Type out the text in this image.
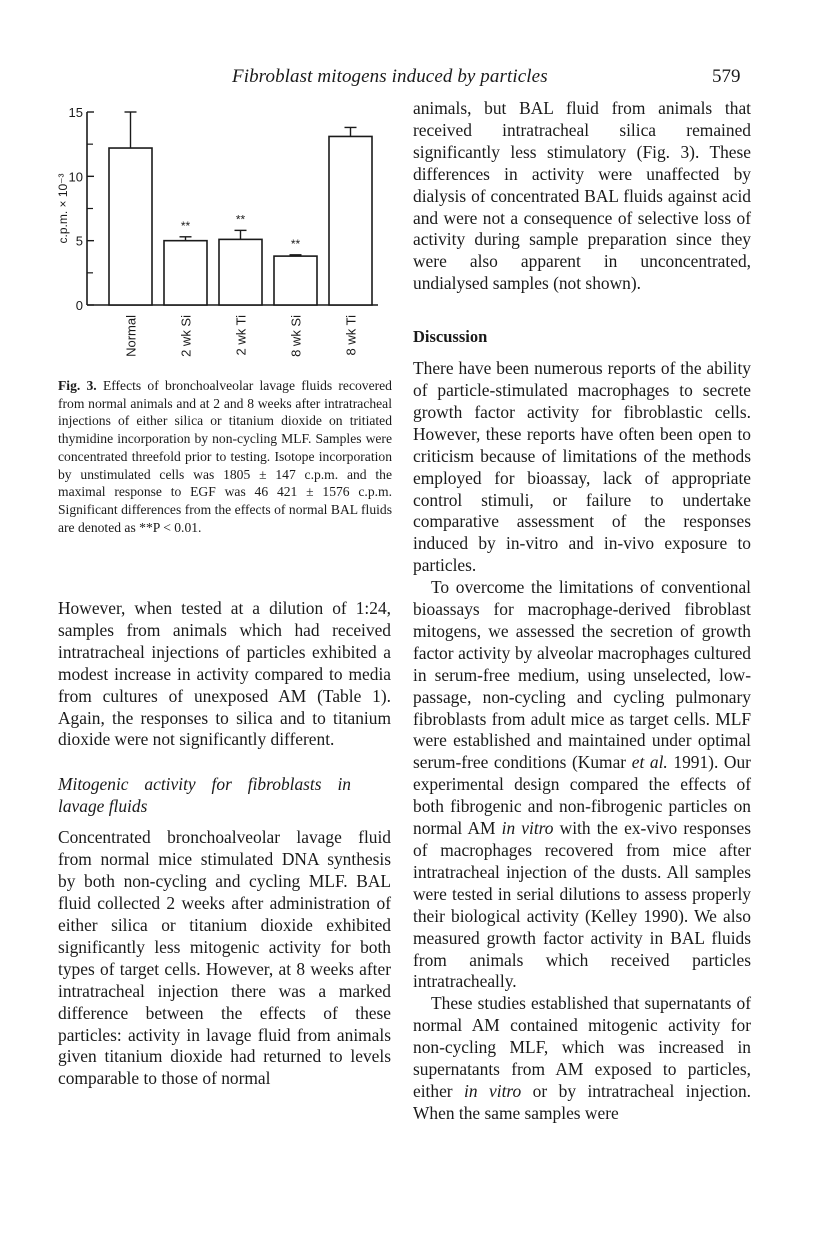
Fibroblast mitogens induced by particles	579
0
5
10
15
c.p.m. × 10⁻³
Normal
**
2 wk Si
**
2 wk Ti
**
8 wk Si	8 wk Ti
Fig. 3. Effects of bronchoalveolar lavage fluids recovered from normal animals and at 2 and 8 weeks after intratracheal injections of either silica or titanium dioxide on tritiated thymidine incorporation by non-cycling MLF. Samples were concentrated threefold prior to testing. Isotope incorporation by unstimulated cells was 1805 ± 147 c.p.m. and the maximal response to EGF was 46 421 ± 1576 c.p.m. Significant differences from the effects of normal BAL fluids are denoted as **P < 0.01.

However, when tested at a dilution of 1:24, samples from animals which had received intratracheal injections of particles exhibited a modest increase in activity compared to media from cultures of unexposed AM (Table 1). Again, the responses to silica and to titanium dioxide were not significantly different.

Mitogenic activity for fibroblasts in lavage fluids

Concentrated bronchoalveolar lavage fluid from normal mice stimulated DNA synthesis by both non-cycling and cycling MLF. BAL fluid collected 2 weeks after administration of either silica or titanium dioxide exhibited significantly less mitogenic activity for both types of target cells. However, at 8 weeks after intratracheal injection there was a marked difference between the effects of these particles: activity in lavage fluid from animals given titanium dioxide had returned to levels comparable to those of normal

animals, but BAL fluid from animals that received intratracheal silica remained significantly less stimulatory (Fig. 3). These differences in activity were unaffected by dialysis of concentrated BAL fluids against acid and were not a consequence of selective loss of activity during sample preparation since they were also apparent in unconcentrated, undialysed samples (not shown).

Discussion

There have been numerous reports of the ability of particle-stimulated macrophages to secrete growth factor activity for fibroblastic cells. However, these reports have often been open to criticism because of limitations of the methods employed for bioassay, lack of appropriate control stimuli, or failure to undertake comparative assessment of the responses induced by in-vitro and in-vivo exposure to particles.

To overcome the limitations of conventional bioassays for macrophage-derived fibroblast mitogens, we assessed the secretion of growth factor activity by alveolar macrophages cultured in serum-free medium, using unselected, low-passage, non-cycling and cycling pulmonary fibroblasts from adult mice as target cells. MLF were established and maintained under optimal serum-free conditions (Kumar et al. 1991). Our experimental design compared the effects of both fibrogenic and non-fibrogenic particles on normal AM in vitro with the ex-vivo responses of macrophages recovered from mice after intratracheal injection of the dusts. All samples were tested in serial dilutions to assess properly their biological activity (Kelley 1990). We also measured growth factor activity in BAL fluids from animals which received particles intratracheally.

These studies established that supernatants of normal AM contained mitogenic activity for non-cycling MLF, which was increased in supernatants from AM exposed to particles, either in vitro or by intratracheal injection. When the same samples were
